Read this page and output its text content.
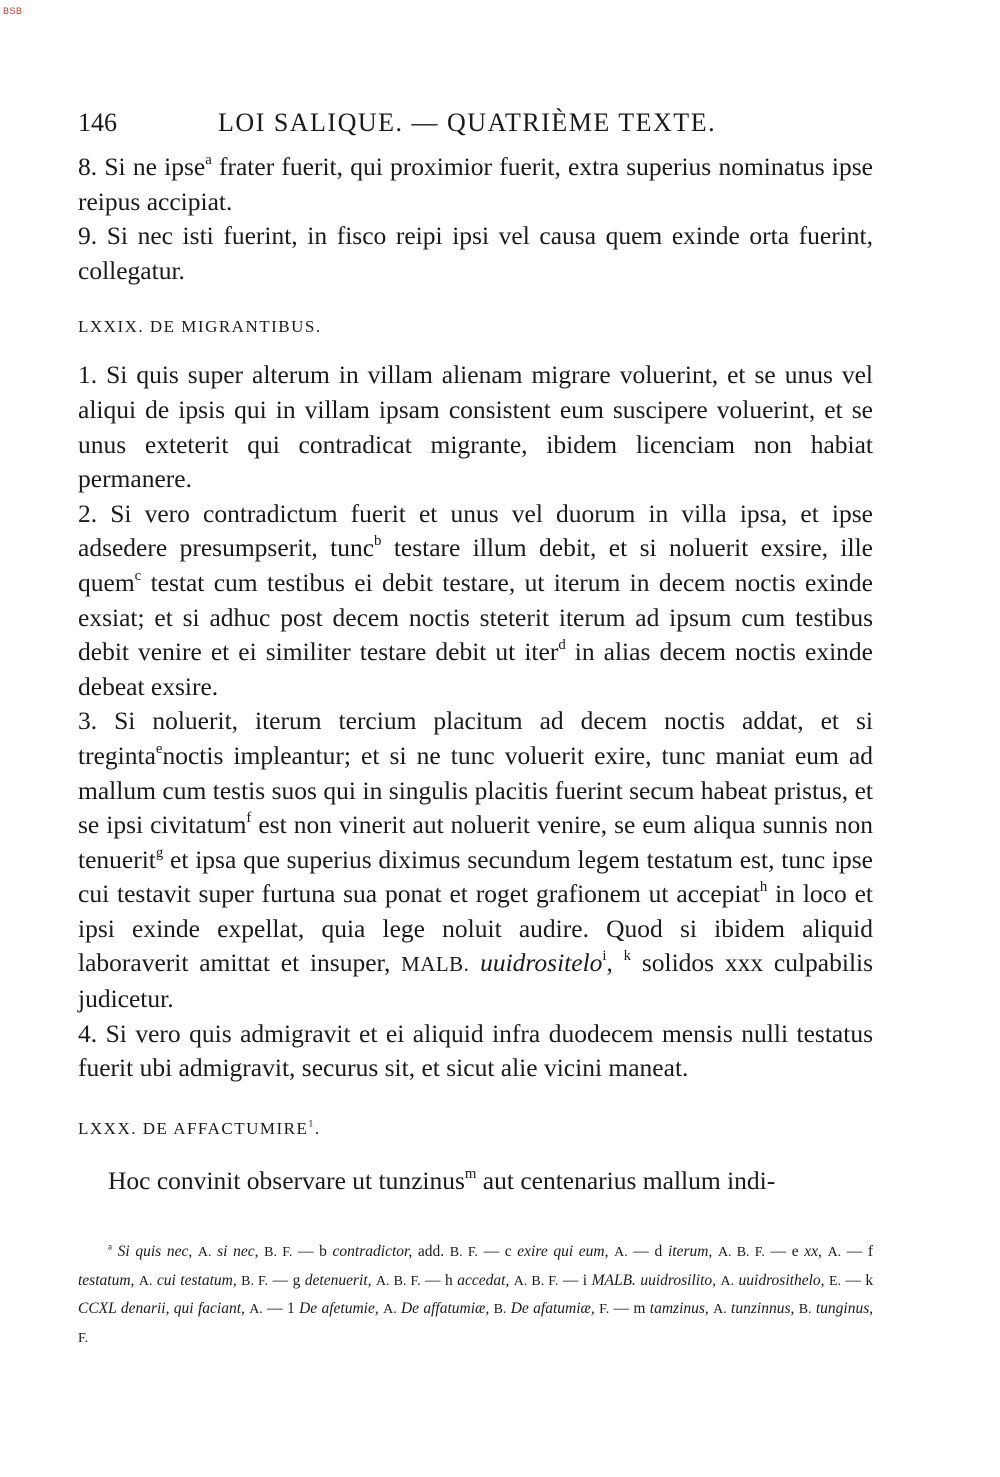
BSB
146	LOI SALIQUE. — QUATRIÈME TEXTE.

8. Si ne ipse$^a$ frater fuerit, qui proximior fuerit, extra superius nominatus ipse reipus accipiat.

9. Si nec isti fuerint, in fisco reipi ipsi vel causa quem exinde orta fuerint, collegatur.

LXXIX. DE MIGRANTIBUS.

1. Si quis super alterum in villam alienam migrare voluerint, et se unus vel aliqui de ipsis qui in villam ipsam consistent eum suscipere voluerint, et se unus exteterit qui contradicat migrante, ibidem licenciam non habiat permanere.

2. Si vero contradictum fuerit et unus vel duorum in villa ipsa, et ipse adsedere presumpserit, tunc$^b$ testare illum debit, et si noluerit exsire, ille quem$^c$ testat cum testibus ei debit testare, ut iterum in decem noctis exinde exsiat; et si adhuc post decem noctis steterit iterum ad ipsum cum testibus debit venire et ei similiter testare debit ut iter$^d$ in alias decem noctis exinde debeat exsire.

3. Si noluerit, iterum tercium placitum ad decem noctis addat, et si treginta$^e$noctis impleantur; et si ne tunc voluerit exire, tunc maniat eum ad mallum cum testis suos qui in singulis placitis fuerint secum habeat pristus, et se ipsi civitatum$^f$ est non vinerit aut noluerit venire, se eum aliqua sunnis non tenuerit$^g$ et ipsa que superius diximus secundum legem testatum est, tunc ipse cui testavit super furtuna sua ponat et roget grafionem ut accepiat$^h$ in loco et ipsi exinde expellat, quia lege noluit audire. Quod si ibidem aliquid laboraverit amittat et insuper, MALB. uuidrositelo$^i$, $^k$ solidos xxx culpabilis judicetur.

4. Si vero quis admigravit et ei aliquid infra duodecem mensis nulli testatus fuerit ubi admigravit, securus sit, et sicut alie vicini maneat.

LXXX. DE AFFACTUMIRE$^1$.

Hoc convinit observare ut tunzinus$^m$ aut centenarius mallum indi-

$^a$ Si quis nec, A. si nec, B. F. — b contradictor, add. B. F. — c exire qui eum, A. — d iterum, A. B. F. — e xx, A. — f testatum, A. cui testatum, B. F. — g detenuerit, A. B. F. — h accedat, A. B. F. — i MALB. uuidrosilito, A. uuidrosithelo, E. — k CCXL denarii, qui faciant, A. — 1 De afetumie, A. De affatumiæ, B. De afatumiæ, F. — m tamzinus, A. tunzinnus, B. tunginus, F.
